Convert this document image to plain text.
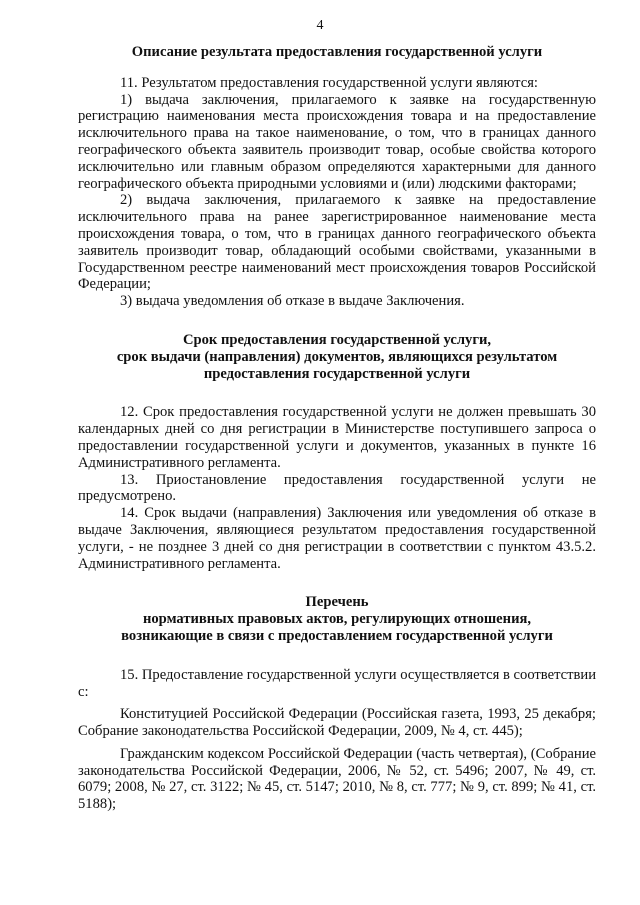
4
Описание результата предоставления государственной услуги

11. Результатом предоставления государственной услуги являются:

1) выдача заключения, прилагаемого к заявке на государственную регистрацию наименования места происхождения товара и на предоставление исключительного права на такое наименование, о том, что в границах данного географического объекта заявитель производит товар, особые свойства которого исключительно или главным образом определяются характерными для данного географического объекта природными условиями и (или) людскими факторами;

2) выдача заключения, прилагаемого к заявке на предоставление исключительного права на ранее зарегистрированное наименование места происхождения товара, о том, что в границах данного географического объекта заявитель производит товар, обладающий особыми свойствами, указанными в Государственном реестре наименований мест происхождения товаров Российской Федерации;

3) выдача уведомления об отказе в выдаче Заключения.

Срок предоставления государственной услуги,
срок выдачи (направления) документов, являющихся результатом
предоставления государственной услуги

12. Срок предоставления государственной услуги не должен превышать 30 календарных дней со дня регистрации в Министерстве поступившего запроса о предоставлении государственной услуги и документов, указанных в пункте 16 Административного регламента.

13. Приостановление предоставления государственной услуги не предусмотрено.

14. Срок выдачи (направления) Заключения или уведомления об отказе в выдаче Заключения, являющиеся результатом предоставления государственной услуги, - не позднее 3 дней со дня регистрации в соответствии с пунктом 43.5.2. Административного регламента.

Перечень
нормативных правовых актов, регулирующих отношения,
возникающие в связи с предоставлением государственной услуги

15. Предоставление государственной услуги осуществляется в соответствии с:

Конституцией Российской Федерации (Российская газета, 1993, 25 декабря; Собрание законодательства Российской Федерации, 2009, № 4, ст. 445);

Гражданским кодексом Российской Федерации (часть четвертая), (Собрание законодательства Российской Федерации, 2006, № 52, ст. 5496; 2007, № 49, ст. 6079; 2008, № 27, ст. 3122; № 45, ст. 5147; 2010, № 8, ст. 777; № 9, ст. 899; № 41, ст. 5188);
